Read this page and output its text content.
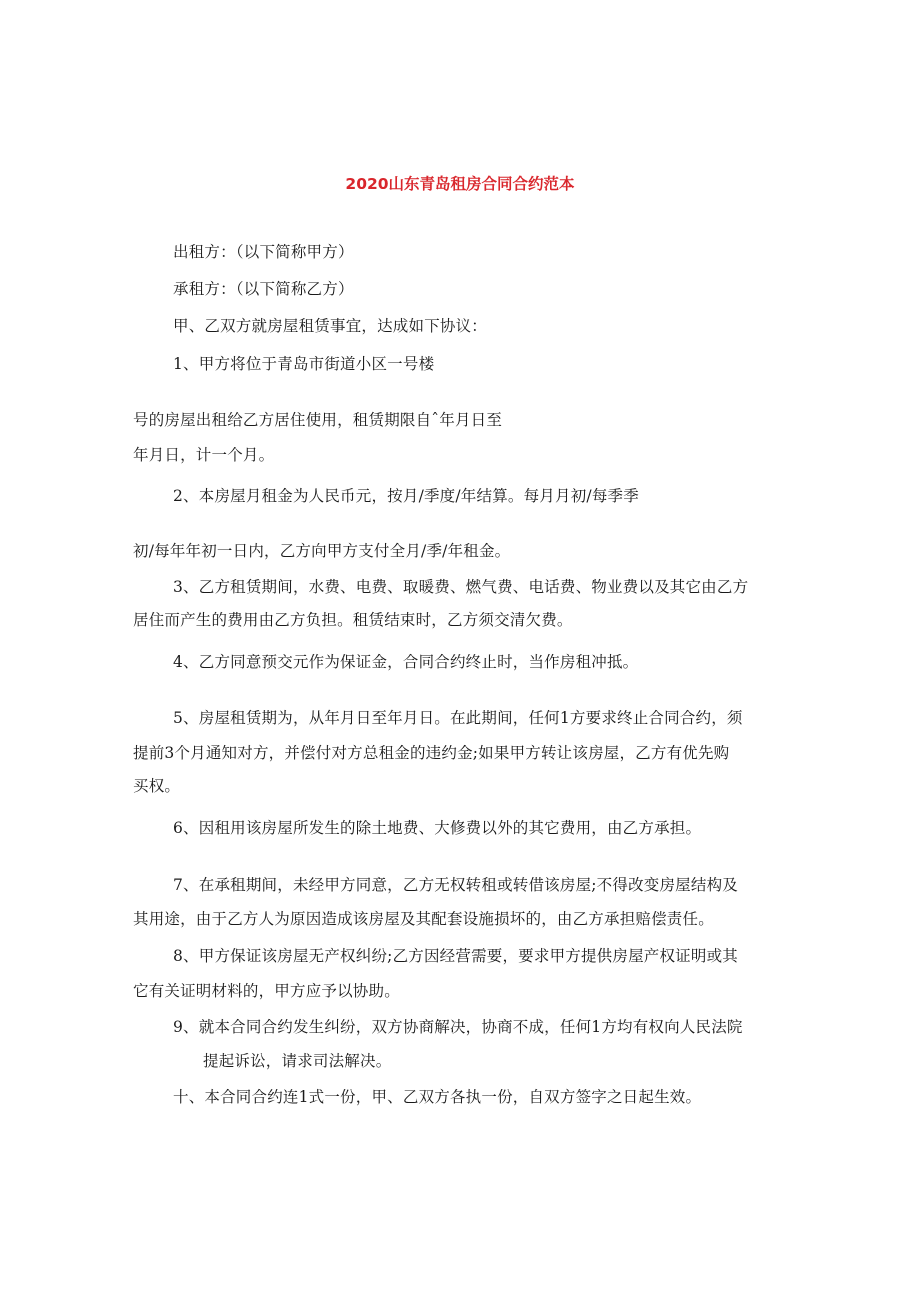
2020山东青岛租房合同合约范本
出租方：（以下简称甲方）
承租方：（以下简称乙方）
甲、乙双方就房屋租赁事宜，达成如下协议：
1、甲方将位于青岛市街道小区一号楼
号的房屋出租给乙方居住使用，租赁期限自ˆ年月日至
年月日，计一个月。
2、本房屋月租金为人民币元，按月/季度/年结算。每月月初/每季季
初/每年年初一日内，乙方向甲方支付全月/季/年租金。
3、乙方租赁期间，水费、电费、取暖费、燃气费、电话费、物业费以及其它由乙方
居住而产生的费用由乙方负担。租赁结束时，乙方须交清欠费。
4、乙方同意预交元作为保证金，合同合约终止时，当作房租冲抵。
5、房屋租赁期为，从年月日至年月日。在此期间，任何1方要求终止合同合约，须
提前3个月通知对方，并偿付对方总租金的违约金;如果甲方转让该房屋，乙方有优先购
买权。
6、因租用该房屋所发生的除土地费、大修费以外的其它费用，由乙方承担。
7、在承租期间，未经甲方同意，乙方无权转租或转借该房屋;不得改变房屋结构及
其用途，由于乙方人为原因造成该房屋及其配套设施损坏的，由乙方承担赔偿责任。
8、甲方保证该房屋无产权纠纷;乙方因经营需要，要求甲方提供房屋产权证明或其
它有关证明材料的，甲方应予以协助。
9、就本合同合约发生纠纷，双方协商解决，协商不成，任何1方均有权向人民法院
提起诉讼，请求司法解决。
十、本合同合约连1式一份，甲、乙双方各执一份，自双方签字之日起生效。
